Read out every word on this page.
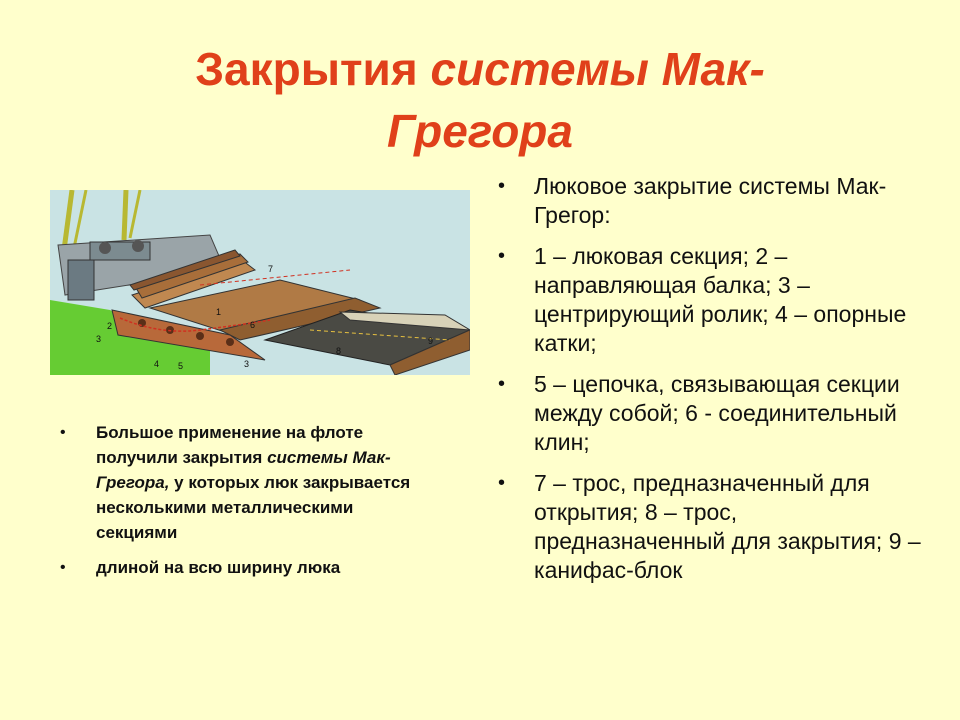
Закрытия системы Мак-
Грегора
7
1
6
2
3
4 5	3
8
9
• Люковое закрытие системы Мак-Грегор:
• 1 – люковая секция; 2 – направляющая балка; 3 – центрирующий ролик; 4 – опорные катки;
• 5 – цепочка, связывающая секции между собой; 6 - соединительный клин;
• 7 – трос, предназначенный для открытия; 8 – трос, предназначенный для закрытия; 9 – канифас-блок
• Большое применение на флоте получили закрытия системы Мак- Грегора, у которых люк закрывается несколькими металлическими секциями
• длиной на всю ширину люка
